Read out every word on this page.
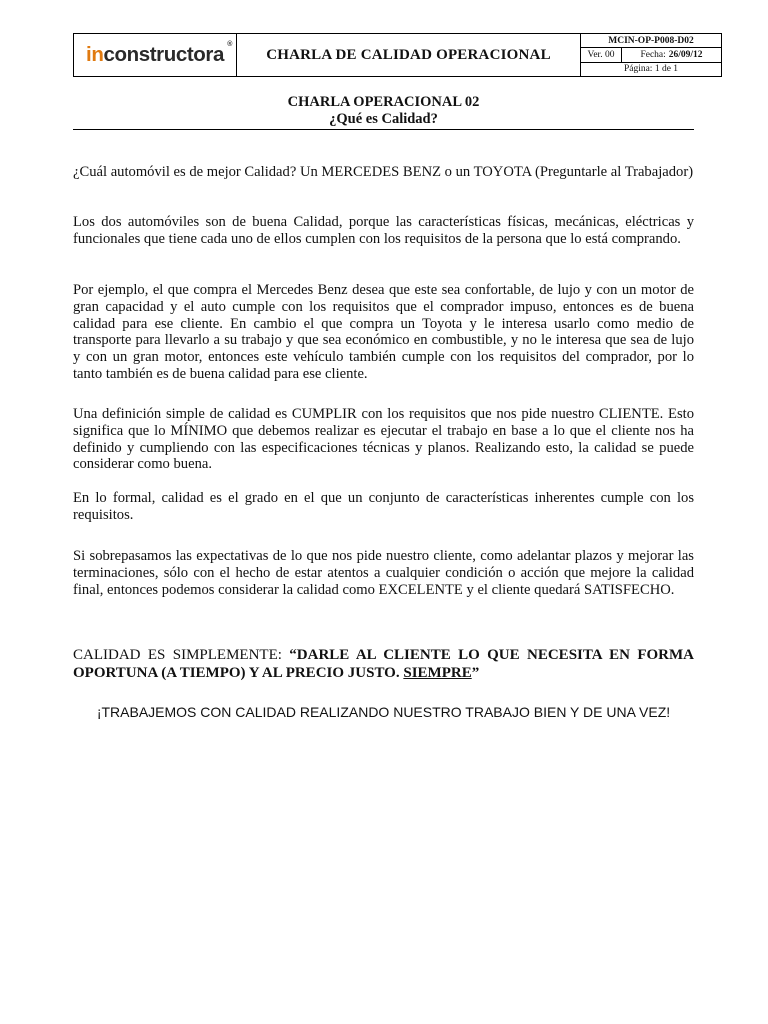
inconstructora ®
CHARLA DE CALIDAD OPERACIONAL
MCIN-OP-P008-D02
Ver. 00	Fecha: 26/09/12
Página: 1 de 1
CHARLA OPERACIONAL 02
¿Qué es Calidad?

¿Cuál automóvil es de mejor Calidad? Un MERCEDES BENZ o un TOYOTA (Preguntarle al Trabajador)

Los dos automóviles son de buena Calidad, porque las características físicas, mecánicas, eléctricas y funcionales que tiene cada uno de ellos cumplen con los requisitos de la persona que lo está comprando.

Por ejemplo, el que compra el Mercedes Benz desea que este sea confortable, de lujo y con un motor de gran capacidad y el auto cumple con los requisitos que el comprador impuso, entonces es de buena calidad para ese cliente. En cambio el que compra un Toyota y le interesa usarlo como medio de transporte para llevarlo a su trabajo y que sea económico en combustible, y no le interesa que sea de lujo y con un gran motor, entonces este vehículo también cumple con los requisitos del comprador, por lo tanto también es de buena calidad para ese cliente.

Una definición simple de calidad es CUMPLIR con los requisitos que nos pide nuestro CLIENTE. Esto significa que lo MÍNIMO que debemos realizar es ejecutar el trabajo en base a lo que el cliente nos ha definido y cumpliendo con las especificaciones técnicas y planos. Realizando esto, la calidad se puede considerar como buena.

En lo formal, calidad es el grado en el que un conjunto de características inherentes cumple con los requisitos.

Si sobrepasamos las expectativas de lo que nos pide nuestro cliente, como adelantar plazos y mejorar las terminaciones, sólo con el hecho de estar atentos a cualquier condición o acción que mejore la calidad final, entonces podemos considerar la calidad como EXCELENTE y el cliente quedará SATISFECHO.

CALIDAD ES SIMPLEMENTE: “DARLE AL CLIENTE LO QUE NECESITA EN FORMA OPORTUNA (A TIEMPO) Y AL PRECIO JUSTO. SIEMPRE”

¡TRABAJEMOS CON CALIDAD REALIZANDO NUESTRO TRABAJO BIEN Y DE UNA VEZ!
